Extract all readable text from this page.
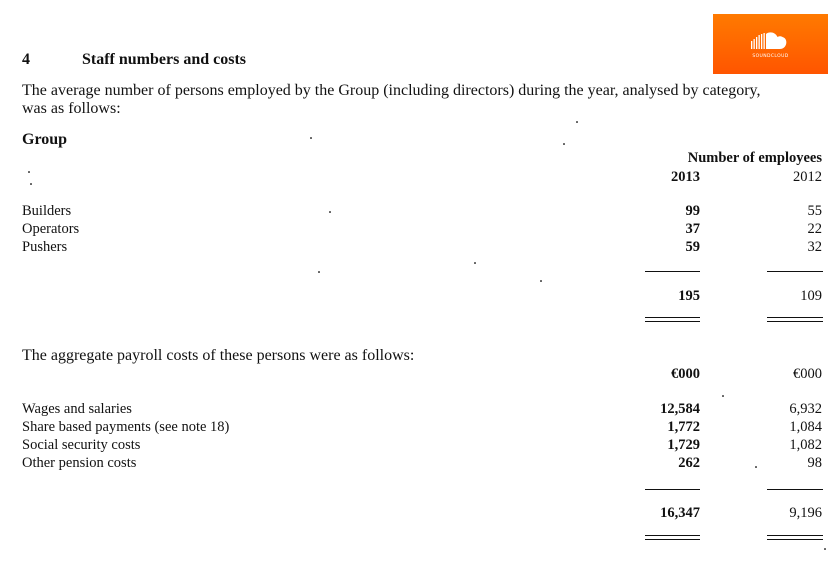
SOUNDCLOUD
4	Staff numbers and costs
The average number of persons employed by the Group (including directors) during the year, analysed by category,
was as follows:
Group
Number of employees
2013	2012
Builders	99	55
Operators	37	22
Pushers	59	32
195	109
The aggregate payroll costs of these persons were as follows:
€000	€000
Wages and salaries	12,584	6,932
Share based payments (see note 18)	1,772	1,084
Social security costs	1,729	1,082
Other pension costs	262	98
16,347	9,196
